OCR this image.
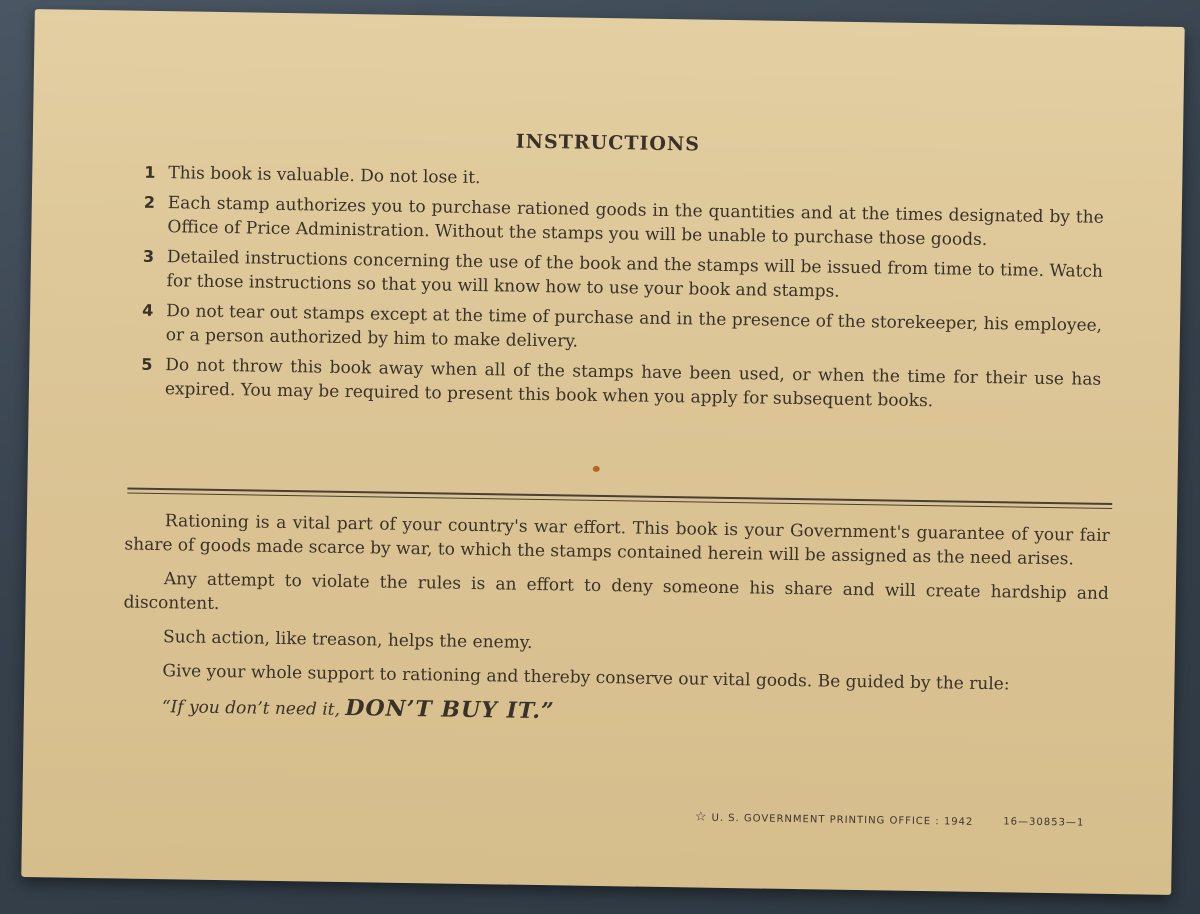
INSTRUCTIONS
1 This book is valuable. Do not lose it.
2 Each stamp authorizes you to purchase rationed goods in the quantities and at the times designated by the Office of Price Administration. Without the stamps you will be unable to purchase those goods.
3 Detailed instructions concerning the use of the book and the stamps will be issued from time to time. Watch for those instructions so that you will know how to use your book and stamps.
4 Do not tear out stamps except at the time of purchase and in the presence of the storekeeper, his employee, or a person authorized by him to make delivery.
5 Do not throw this book away when all of the stamps have been used, or when the time for their use has expired. You may be required to present this book when you apply for subsequent books.

Rationing is a vital part of your country's war effort. This book is your Government's guarantee of your fair share of goods made scarce by war, to which the stamps contained herein will be assigned as the need arises.

Any attempt to violate the rules is an effort to deny someone his share and will create hardship and discontent.

Such action, like treason, helps the enemy.

Give your whole support to rationing and thereby conserve our vital goods. Be guided by the rule:

“If you don’t need it, DON’T BUY IT.”
☆ U. S. GOVERNMENT PRINTING OFFICE : 1942	16—30853—1
